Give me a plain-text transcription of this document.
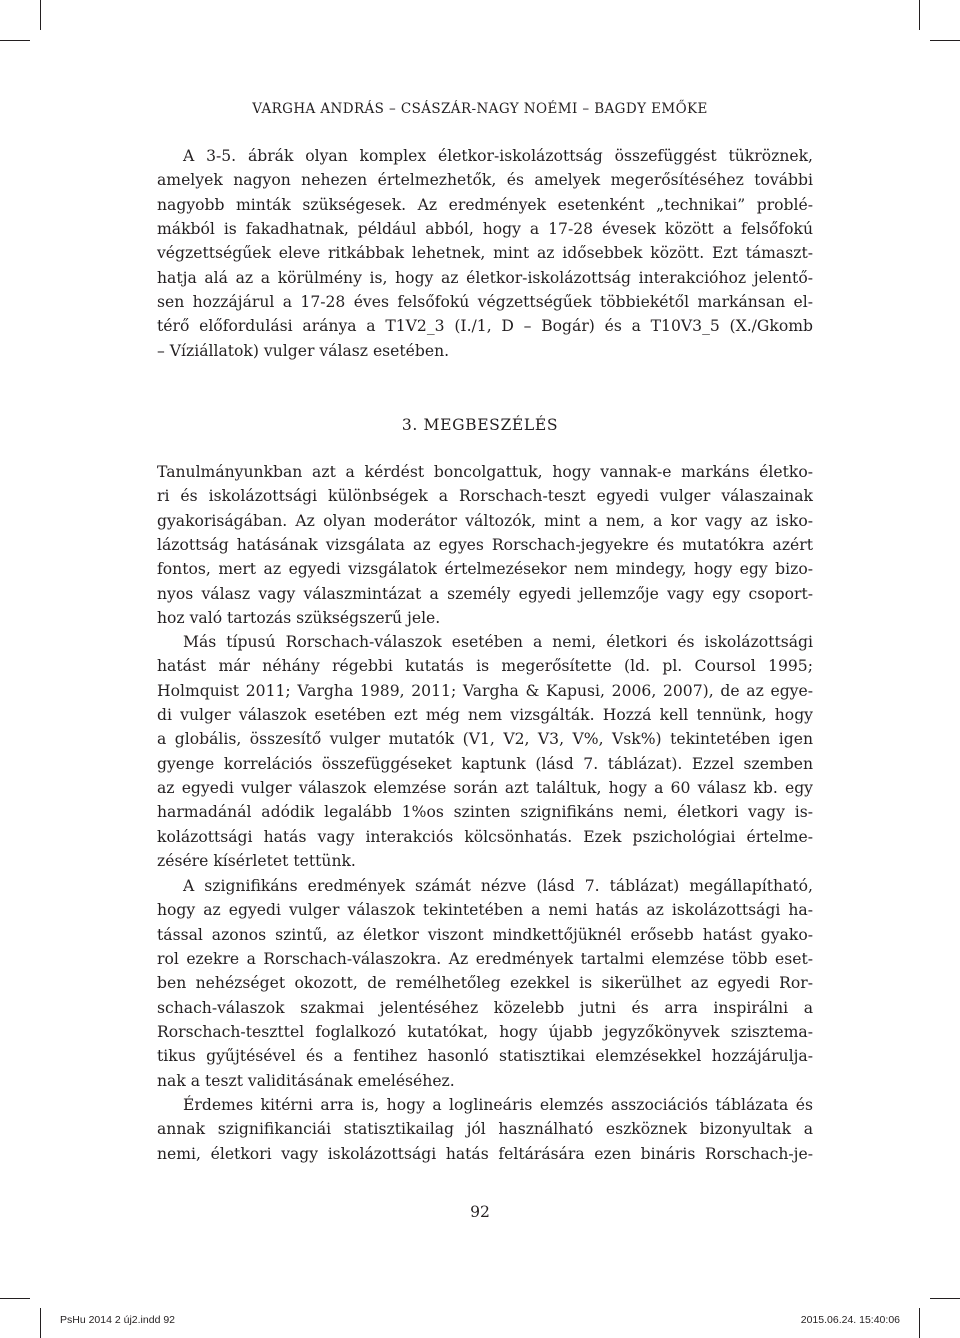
VARGHA ANDRÁS – CSÁSZÁR-NAGY NOÉMI – BAGDY EMŐKE
A 3-5. ábrák olyan komplex életkor-iskolázottság összefüggést tükröznek,
amelyek nagyon nehezen értelmezhetők, és amelyek megerősítéséhez további
nagyobb minták szükségesek. Az eredmények esetenként „technikai” problé-
mákból is fakadhatnak, például abból, hogy a 17-28 évesek között a felsőfokú
végzettségűek eleve ritkábbak lehetnek, mint az idősebbek között. Ezt támaszt-
hatja alá az a körülmény is, hogy az életkor-iskolázottság interakcióhoz jelentő-
sen hozzájárul a 17-28 éves felsőfokú végzettségűek többiekétől markánsan el-
térő előfordulási aránya a T1V2_3 (I./1, D – Bogár) és a T10V3_5 (X./Gkomb
– Víziállatok) vulger válasz esetében.
3. MEGBESZÉLÉS
Tanulmányunkban azt a kérdést boncolgattuk, hogy vannak-e markáns életko-
ri és iskolázottsági különbségek a Rorschach-teszt egyedi vulger válaszainak
gyakoriságában. Az olyan moderátor változók, mint a nem, a kor vagy az isko-
lázottság hatásának vizsgálata az egyes Rorschach-jegyekre és mutatókra azért
fontos, mert az egyedi vizsgálatok értelmezésekor nem mindegy, hogy egy bizo-
nyos válasz vagy válaszmintázat a személy egyedi jellemzője vagy egy csoport-
hoz való tartozás szükségszerű jele.
Más típusú Rorschach-válaszok esetében a nemi, életkori és iskolázottsági
hatást már néhány régebbi kutatás is megerősítette (ld. pl. Coursol 1995;
Holmquist 2011; Vargha 1989, 2011; Vargha & Kapusi, 2006, 2007), de az egye-
di vulger válaszok esetében ezt még nem vizsgálták. Hozzá kell tennünk, hogy
a globális, összesítő vulger mutatók (V1, V2, V3, V%, Vsk%) tekintetében igen
gyenge korrelációs összefüggéseket kaptunk (lásd 7. táblázat). Ezzel szemben
az egyedi vulger válaszok elemzése során azt találtuk, hogy a 60 válasz kb. egy
harmadánál adódik legalább 1%os szinten szignifikáns nemi, életkori vagy is-
kolázottsági hatás vagy interakciós kölcsönhatás. Ezek pszichológiai értelme-
zésére kísérletet tettünk.
A szignifikáns eredmények számát nézve (lásd 7. táblázat) megállapítható,
hogy az egyedi vulger válaszok tekintetében a nemi hatás az iskolázottsági ha-
tással azonos szintű, az életkor viszont mindkettőjüknél erősebb hatást gyako-
rol ezekre a Rorschach-válaszokra. Az eredmények tartalmi elemzése több eset-
ben nehézséget okozott, de remélhetőleg ezekkel is sikerülhet az egyedi Ror-
schach-válaszok szakmai jelentéséhez közelebb jutni és arra inspirálni a
Rorschach-teszttel foglalkozó kutatókat, hogy újabb jegyzőkönyvek szisztema-
tikus gyűjtésével és a fentihez hasonló statisztikai elemzésekkel hozzájárulja-
nak a teszt validitásának emeléséhez.
Érdemes kitérni arra is, hogy a loglineáris elemzés asszociációs táblázata és
annak szignifikanciái statisztikailag jól használható eszköznek bizonyultak a
nemi, életkori vagy iskolázottsági hatás feltárására ezen bináris Rorschach-je-
92
PsHu 2014 2 új2.indd 92	2015.06.24. 15:40:06
